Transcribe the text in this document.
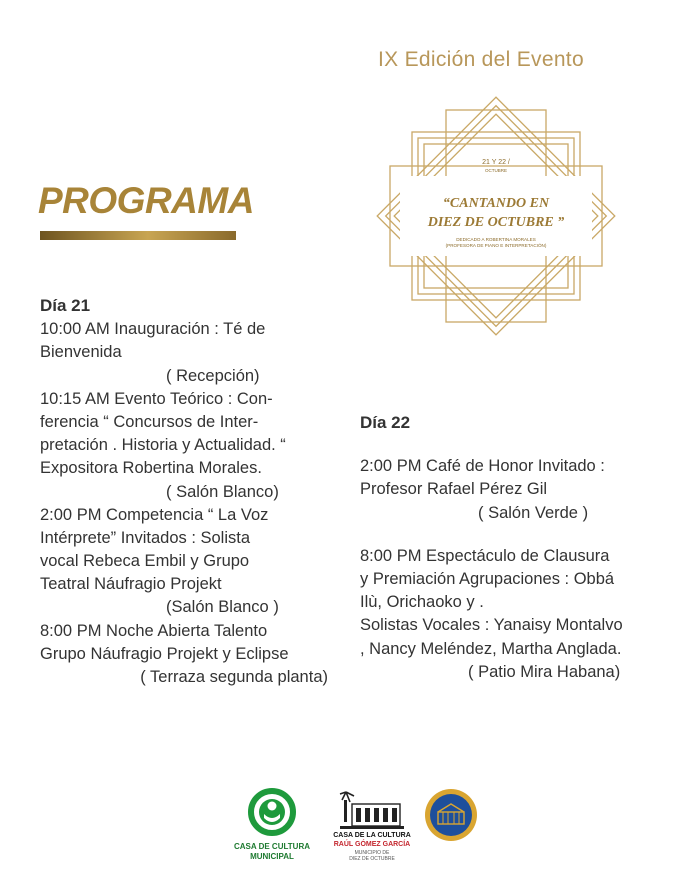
IX Edición del Evento
21 Y 22 /
OCTUBRE
“CANTANDO EN
DIEZ DE OCTUBRE ”
DEDICADO A ROBERTINA MORALES
(PROFESORA DE PIANO E INTERPRETACIÓN)
PROGRAMA
Día 21
10:00 AM Inauguración : Té de
Bienvenida
( Recepción)
10:15 AM Evento Teórico : Con-
ferencia “ Concursos de Inter-
pretación . Historia y Actualidad. “
Expositora Robertina Morales.
( Salón Blanco)
2:00 PM Competencia “ La Voz
Intérprete” Invitados : Solista
vocal Rebeca Embil y Grupo
Teatral Náufragio Projekt
(Salón Blanco )
8:00 PM Noche Abierta Talento
Grupo Náufragio Projekt y Eclipse
( Terraza segunda planta)
Día 22
2:00 PM Café de Honor Invitado :
Profesor Rafael Pérez Gil
( Salón Verde )
8:00 PM Espectáculo de Clausura
y Premiación Agrupaciones : Obbá
Ilù, Orichaoko y .
Solistas Vocales : Yanaisy Montalvo
, Nancy Meléndez, Martha Anglada.
( Patio Mira Habana)
CASA DE CULTURA
MUNICIPAL
CASA DE LA CULTURA
RAÚL GÓMEZ GARCÍA
MUNICIPIO DE
DIEZ DE OCTUBRE
